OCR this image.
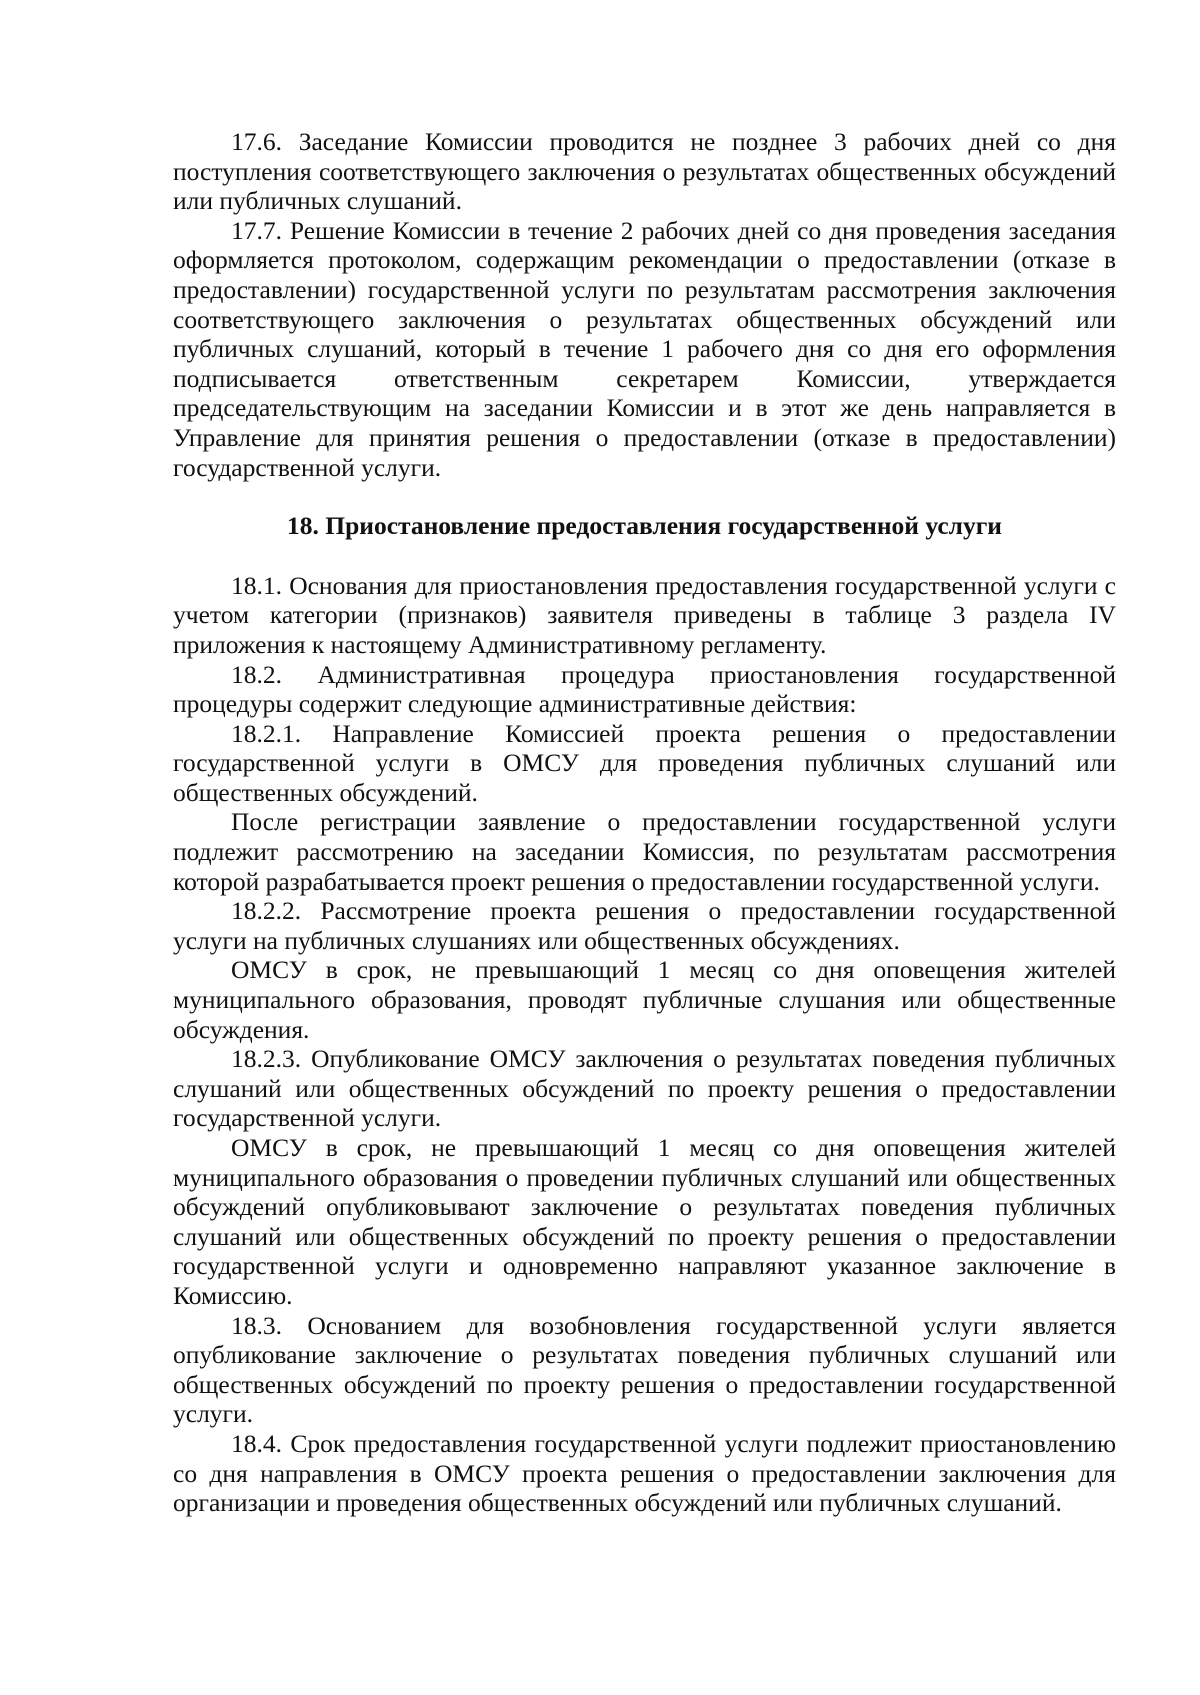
17.6. Заседание Комиссии проводится не позднее 3 рабочих дней со дня поступления соответствующего заключения о результатах общественных обсуждений или публичных слушаний.

17.7. Решение Комиссии в течение 2 рабочих дней со дня проведения заседания оформляется протоколом, содержащим рекомендации о предоставлении (отказе в предоставлении) государственной услуги по результатам рассмотрения заключения соответствующего заключения о результатах общественных обсуждений или публичных слушаний, который в течение 1 рабочего дня со дня его оформления подписывается ответственным секретарем Комиссии, утверждается председательствующим на заседании Комиссии и в этот же день направляется в Управление для принятия решения о предоставлении (отказе в предоставлении) государственной услуги.

18. Приостановление предоставления государственной услуги

18.1. Основания для приостановления предоставления государственной услуги с учетом категории (признаков) заявителя приведены в таблице 3 раздела IV приложения к настоящему Административному регламенту.

18.2. Административная процедура приостановления государственной процедуры содержит следующие административные действия:

18.2.1. Направление Комиссией проекта решения о предоставлении государственной услуги в ОМСУ для проведения публичных слушаний или общественных обсуждений.

После регистрации заявление о предоставлении государственной услуги подлежит рассмотрению на заседании Комиссия, по результатам рассмотрения которой разрабатывается проект решения о предоставлении государственной услуги.

18.2.2. Рассмотрение проекта решения о предоставлении государственной услуги на публичных слушаниях или общественных обсуждениях.

ОМСУ в срок, не превышающий 1 месяц со дня оповещения жителей муниципального образования, проводят публичные слушания или общественные обсуждения.

18.2.3. Опубликование ОМСУ заключения о результатах поведения публичных слушаний или общественных обсуждений по проекту решения о предоставлении государственной услуги.

ОМСУ в срок, не превышающий 1 месяц со дня оповещения жителей муниципального образования о проведении публичных слушаний или общественных обсуждений опубликовывают заключение о результатах поведения публичных слушаний или общественных обсуждений по проекту решения о предоставлении государственной услуги и одновременно направляют указанное заключение в Комиссию.

18.3. Основанием для возобновления государственной услуги является опубликование заключение о результатах поведения публичных слушаний или общественных обсуждений по проекту решения о предоставлении государственной услуги.

18.4. Срок предоставления государственной услуги подлежит приостановлению со дня направления в ОМСУ проекта решения о предоставлении заключения для организации и проведения общественных обсуждений или публичных слушаний.
